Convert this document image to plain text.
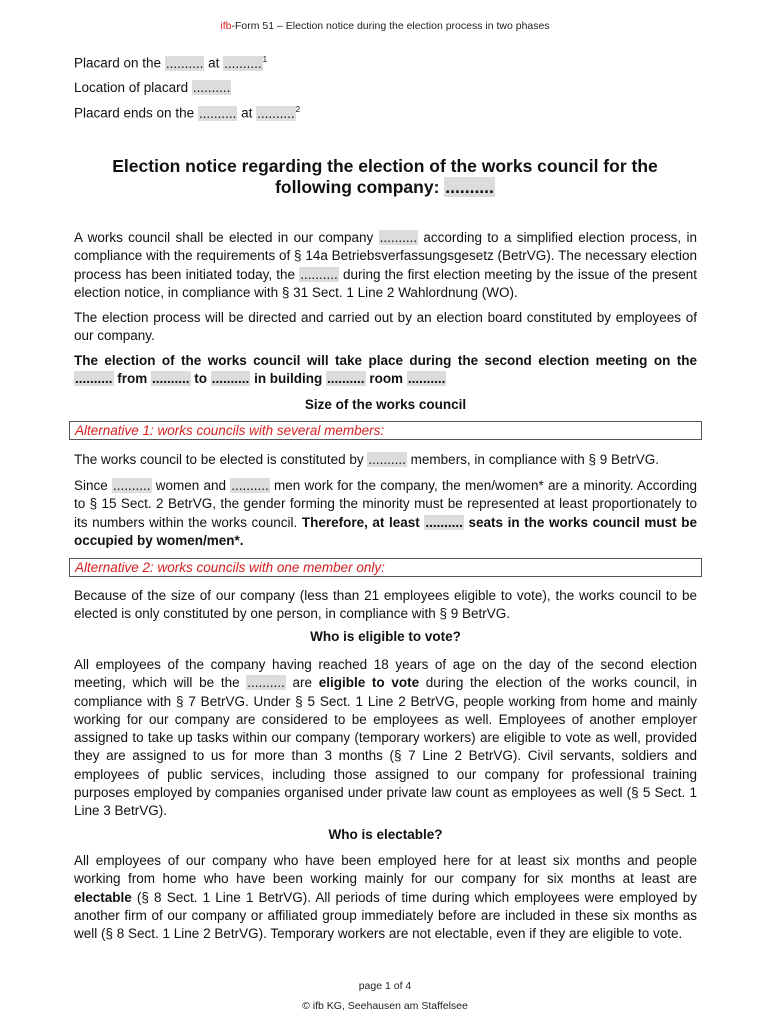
ifb-Form 51 – Election notice during the election process in two phases
Placard on the .......... at ..........$^1$
Location of placard ..........
Placard ends on the .......... at ..........$^2$
Election notice regarding the election of the works council for the following company: ..........

A works council shall be elected in our company .......... according to a simplified election process, in compliance with the requirements of § 14a Betriebsverfassungsgesetz (BetrVG). The necessary election process has been initiated today, the .......... during the first election meeting by the issue of the present election notice, in compliance with § 31 Sect. 1 Line 2 Wahlordnung (WO).

The election process will be directed and carried out by an election board constituted by employees of our company.

The election of the works council will take place during the second election meeting on the .......... from .......... to .......... in building .......... room ..........

Size of the works council
Alternative 1: works councils with several members:

The works council to be elected is constituted by .......... members, in compliance with § 9 BetrVG.

Since .......... women and .......... men work for the company, the men/women* are a minority. According to § 15 Sect. 2 BetrVG, the gender forming the minority must be represented at least proportionately to its numbers within the works council. Therefore, at least .......... seats in the works council must be occupied by women/men*.

Alternative 2: works councils with one member only:

Because of the size of our company (less than 21 employees eligible to vote), the works council to be elected is only constituted by one person, in compliance with § 9 BetrVG.

Who is eligible to vote?

All employees of the company having reached 18 years of age on the day of the second election meeting, which will be the .......... are eligible to vote during the election of the works council, in compliance with § 7 BetrVG. Under § 5 Sect. 1 Line 2 BetrVG, people working from home and mainly working for our company are considered to be employees as well. Employees of another employer assigned to take up tasks within our company (temporary workers) are eligible to vote as well, provided they are assigned to us for more than 3 months (§ 7 Line 2 BetrVG). Civil servants, soldiers and employees of public services, including those assigned to our company for professional training purposes employed by companies organised under private law count as employees as well (§ 5 Sect. 1 Line 3 BetrVG).

Who is electable?

All employees of our company who have been employed here for at least six months and people working from home who have been working mainly for our company for six months at least are electable (§ 8 Sect. 1 Line 1 BetrVG). All periods of time during which employees were employed by another firm of our company or affiliated group immediately before are included in these six months as well (§ 8 Sect. 1 Line 2 BetrVG). Temporary workers are not electable, even if they are eligible to vote.

page 1 of 4
© ifb KG, Seehausen am Staffelsee
